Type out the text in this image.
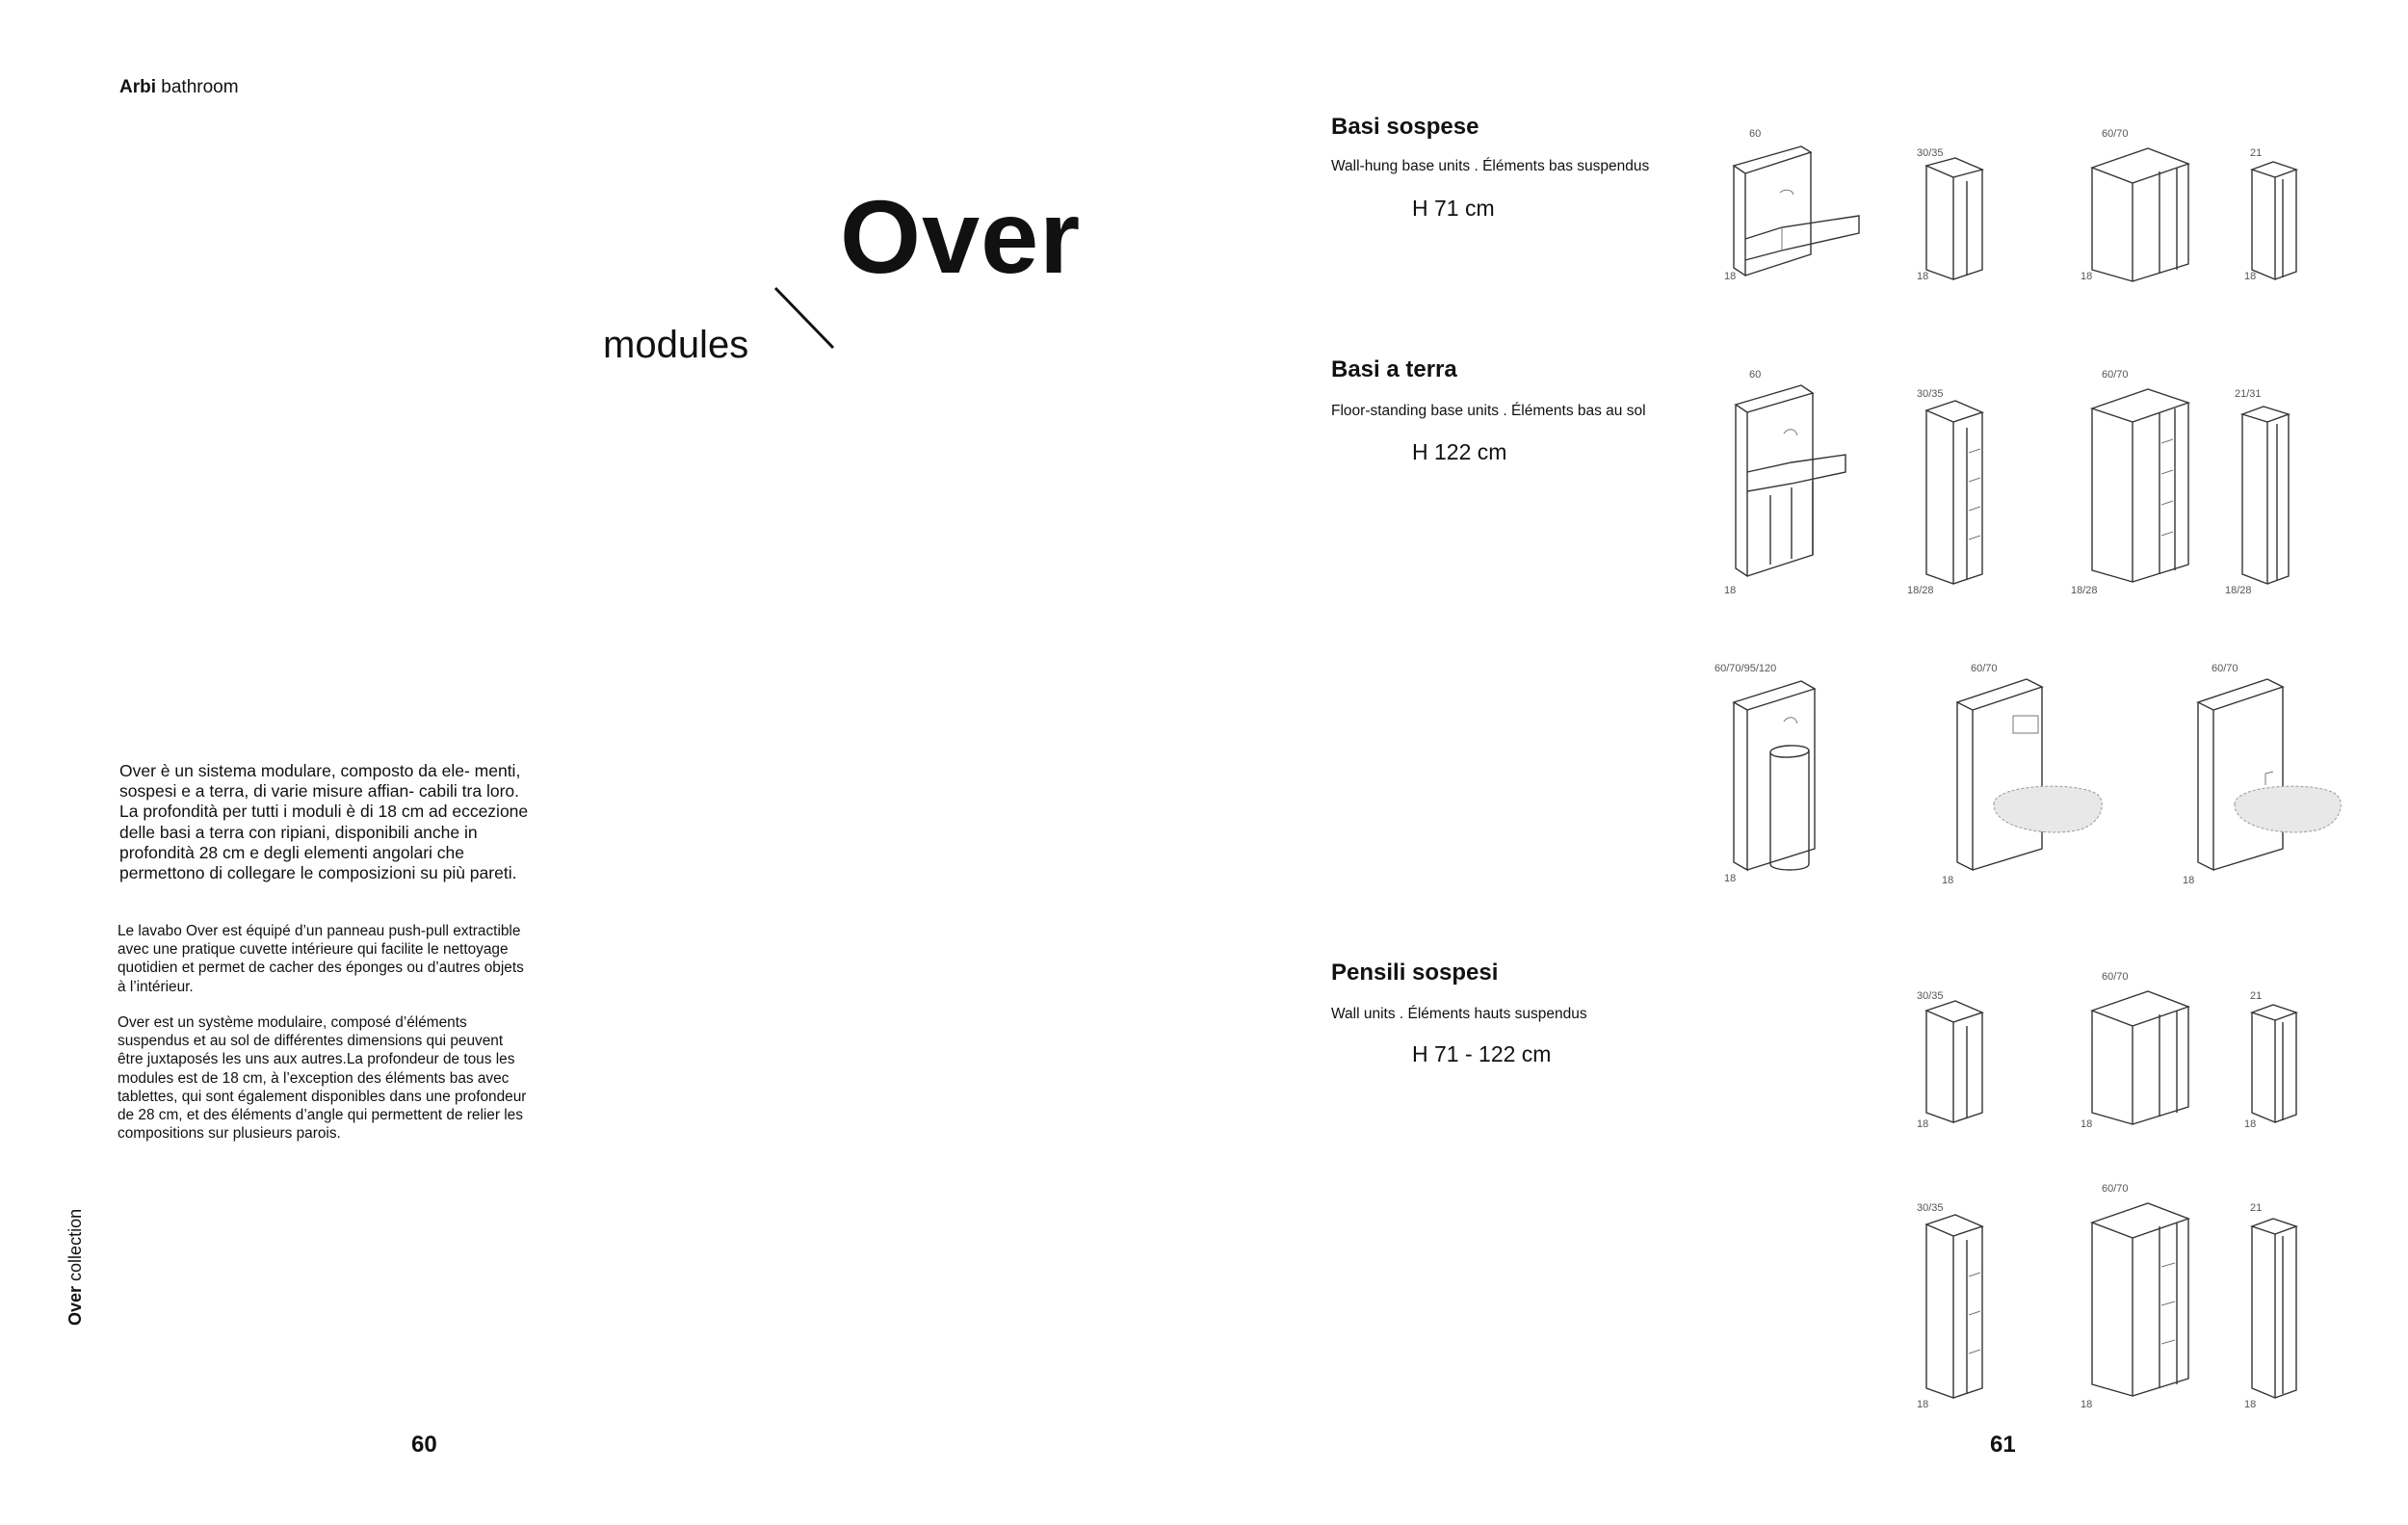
Arbi bathroom
Over
modules
Over è un sistema modulare, composto da ele- menti, sospesi e a terra, di varie misure affian- cabili tra loro. La profondità per tutti i moduli è di 18 cm ad eccezione delle basi a terra con ripiani, disponibili anche in profondità 28 cm e degli elementi angolari che permettono di collegare le composizioni su più pareti.

Le lavabo Over est équipé d’un panneau push-pull extractible avec une pratique cuvette intérieure qui facilite le nettoyage quotidien et permet de cacher des éponges ou d’autres objets à l’intérieur.

Over est un système modulaire, composé d’éléments suspendus et au sol de différentes dimensions qui peuvent être juxtaposés les uns aux autres.La profondeur de tous les modules est de 18 cm, à l’exception des éléments bas avec tablettes, qui sont également disponibles dans une profondeur de 28 cm, et des éléments d’angle qui permettent de relier les compositions sur plusieurs parois.

Over collection
60	61
Basi sospese
Wall-hung base units . Éléments bas suspendus
H 71 cm
Basi a terra
Floor-standing base units . Éléments bas au sol
H 122 cm
Pensili sospesi
Wall units . Éléments hauts suspendus
H 71 - 122 cm
60
18
30/35
18
60/70
18
21
18
60
18
30/35
18/28
60/70
18/28
21/31
18/28
60/70/95/120
18
60/70
18
60/70
18
30/35
18
60/70
18
21
18
30/35
18
60/70
18
21
18
